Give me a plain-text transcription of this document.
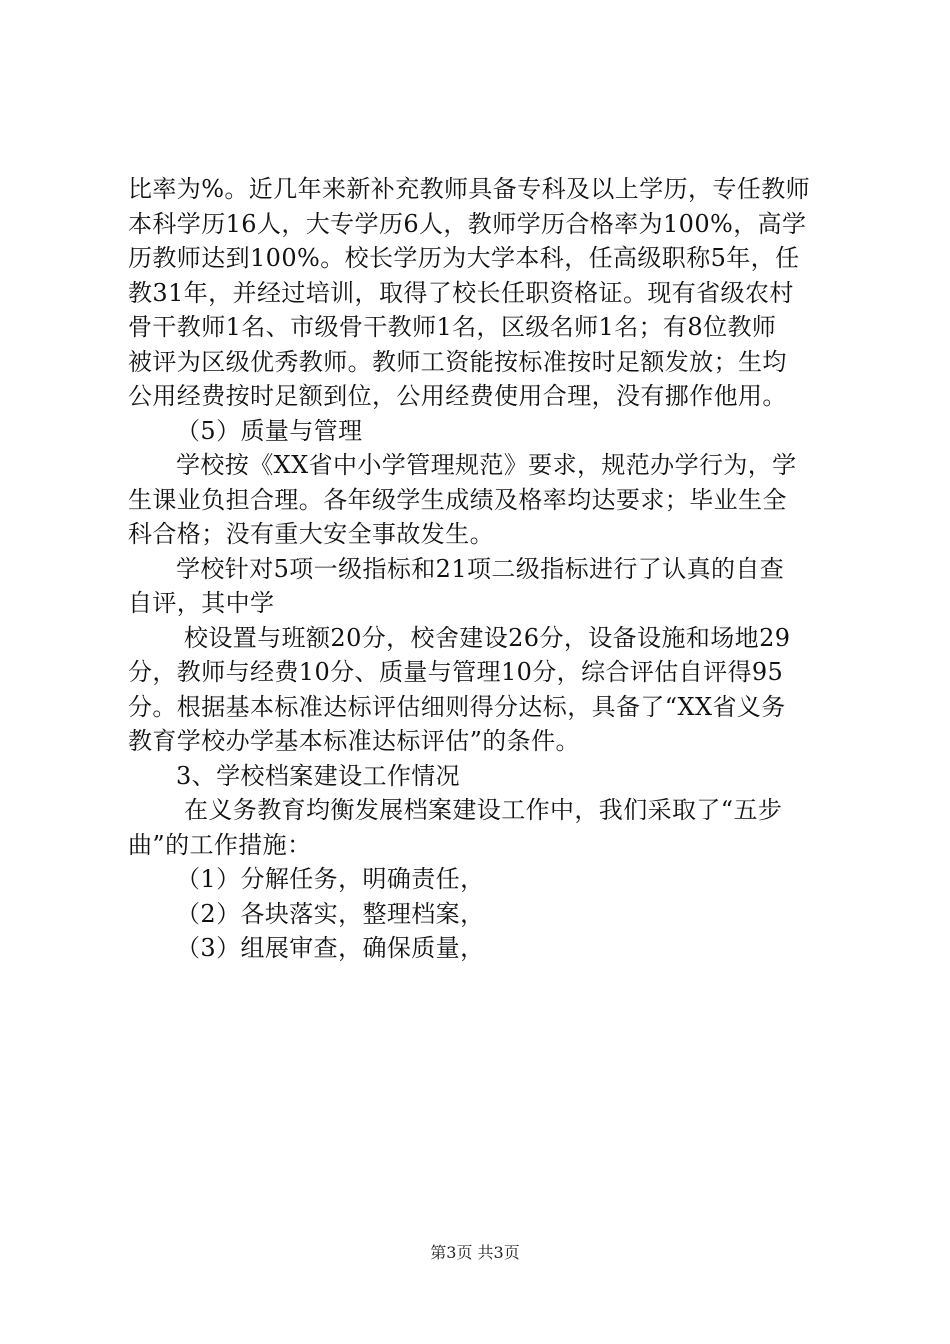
比率为%。近几年来新补充教师具备专科及以上学历，专任教师
本科学历16人，大专学历6人，教师学历合格率为100%，高学
历教师达到100%。校长学历为大学本科，任高级职称5年，任
教31年，并经过培训，取得了校长任职资格证。现有省级农村
骨干教师1名、市级骨干教师1名，区级名师1名；有8位教师
被评为区级优秀教师。教师工资能按标准按时足额发放；生均
公用经费按时足额到位，公用经费使用合理，没有挪作他用。
（5）质量与管理
学校按《XX省中小学管理规范》要求，规范办学行为，学
生课业负担合理。各年级学生成绩及格率均达要求；毕业生全
科合格；没有重大安全事故发生。
学校针对5项一级指标和21项二级指标进行了认真的自查
自评，其中学
校设置与班额20分，校舍建设26分，设备设施和场地29
分，教师与经费10分、质量与管理10分，综合评估自评得95
分。根据基本标准达标评估细则得分达标，具备了“XX省义务
教育学校办学基本标准达标评估”的条件。
3、学校档案建设工作情况
在义务教育均衡发展档案建设工作中，我们采取了“五步
曲”的工作措施：
（1）分解任务，明确责任，
（2）各块落实，整理档案，
（3）组展审查，确保质量，
第3页 共3页
